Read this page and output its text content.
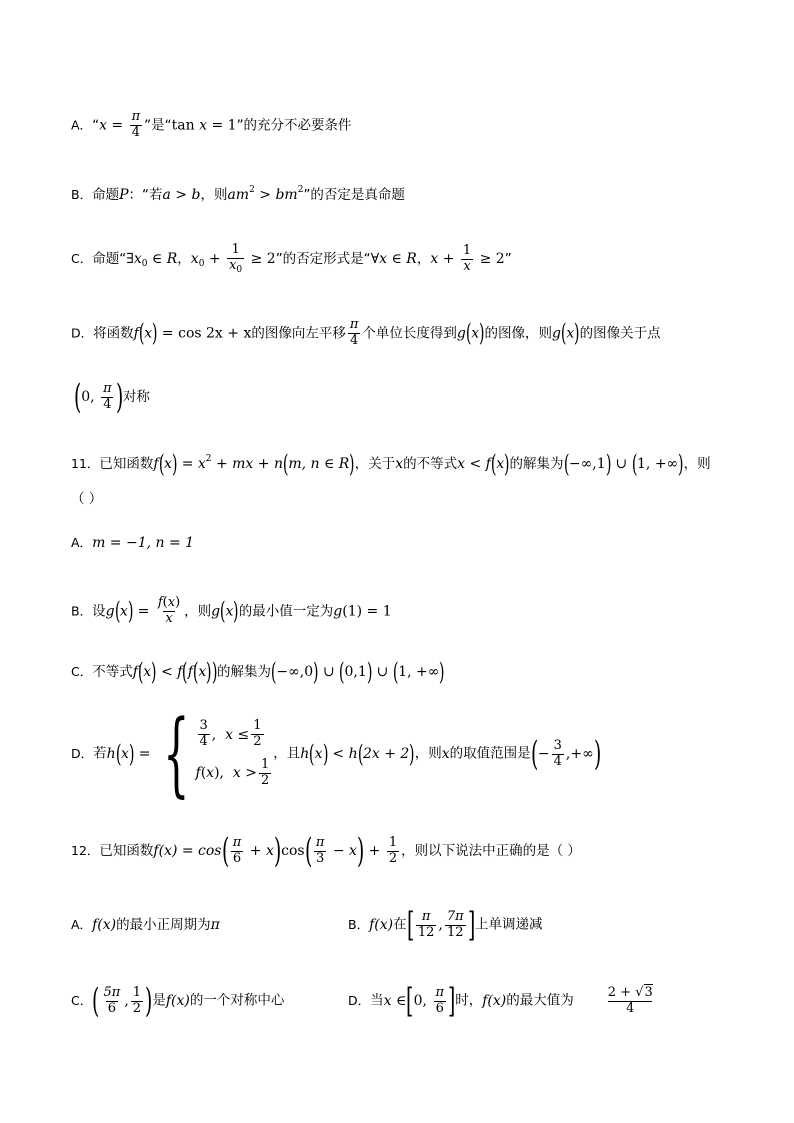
A．“$x = \frac{\pi}{4}$ ”是“tan x = 1”的充分不必要条件
B．命题P：“若a > b，则$am^2 > bm^2$”的否定是真命题
C．命题“$\exists x_0$ ∈ R，$x_0 + \frac{1}{x_0} \ge 2$”的否定形式是“∀x ∈ R，$x + \frac{1}{x} \ge 2$”
D．将函数f(x) = cos 2x + x的图像向左平移 $\frac{\pi}{4}$ 个单位长度得到g(x)的图像，则g(x)的图像关于点
(0, $\frac{\pi}{4}$ )对称
11．已知函数$f(x) = x^2$ + mx + n(m, n ∈ R)，关于x的不等式x < f(x)的解集为(−∞,1) ∪ (1, +∞)，则
（ ）
A．m = −1, n = 1
B．设$g(x) = \frac{f(x)}{x}$ ，则g(x)的最小值一定为g(1) = 1
C．不等式f(x) < f(f(x))的解集为(−∞,0) ∪ (0,1) ∪ (1, +∞)
D．若h(x) = { $\frac{3}{4}$ , $x \le \frac{1}{2}$
f ( x ), $x > \frac{1}{2}$
，且h(x) < h(2x + 2)，则x的取值范围是(− $\frac{3}{4}$ ,+∞)
12．已知函数$f(x) = \cos( \frac{\pi}{6} + x)\cos( \frac{\pi}{3} - x) + \frac{1}{2}$ ，则以下说法中正确的是（ ）
A．f(x)的最小正周期为π	B．f(x)在[ $\frac{\pi}{12}$ , $\frac{7\pi}{12}$ ]上单调递减
C．( $\frac{5\pi}{6}$ , $\frac{1}{2}$ )是f(x)的一个对称中心	D．当x ∈[0, $\frac{\pi}{6}$ ]时，f(x)的最大值为 $\frac{2 + √3}{4}$
